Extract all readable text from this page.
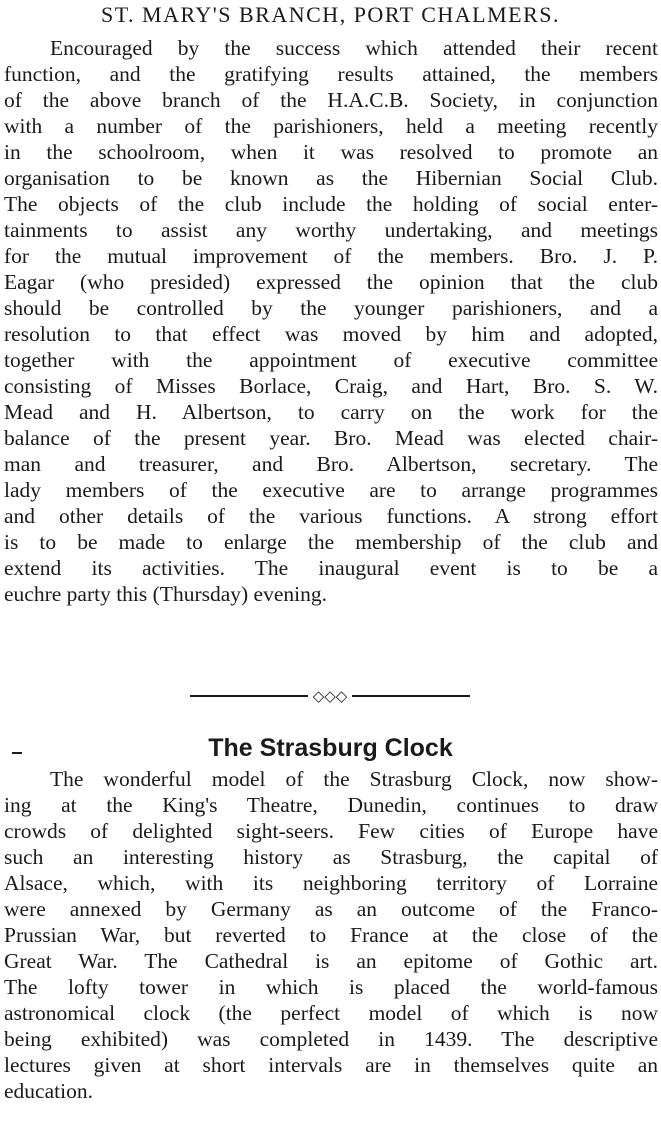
ST. MARY'S BRANCH, PORT CHALMERS.
Encouraged by the success which attended their recent
function, and the gratifying results attained, the members
of the above branch of the H.A.C.B. Society, in conjunction
with a number of the parishioners, held a meeting recently
in the schoolroom, when it was resolved to promote an
organisation to be known as the Hibernian Social Club.
The objects of the club include the holding of social enter-
tainments to assist any worthy undertaking, and meetings
for the mutual improvement of the members. Bro. J. P.
Eagar (who presided) expressed the opinion that the club
should be controlled by the younger parishioners, and a
resolution to that effect was moved by him and adopted,
together with the appointment of executive committee
consisting of Misses Borlace, Craig, and Hart, Bro. S. W.
Mead and H. Albertson, to carry on the work for the
balance of the present year. Bro. Mead was elected chair-
man and treasurer, and Bro. Albertson, secretary. The
lady members of the executive are to arrange programmes
and other details of the various functions. A strong effort
is to be made to enlarge the membership of the club and
extend its activities. The inaugural event is to be a
euchre party this (Thursday) evening.
◇◇◇
The Strasburg Clock
The wonderful model of the Strasburg Clock, now show-
ing at the King's Theatre, Dunedin, continues to draw
crowds of delighted sight-seers. Few cities of Europe have
such an interesting history as Strasburg, the capital of
Alsace, which, with its neighboring territory of Lorraine
were annexed by Germany as an outcome of the Franco-
Prussian War, but reverted to France at the close of the
Great War. The Cathedral is an epitome of Gothic art.
The lofty tower in which is placed the world-famous
astronomical clock (the perfect model of which is now
being exhibited) was completed in 1439. The descriptive
lectures given at short intervals are in themselves quite an
education.
